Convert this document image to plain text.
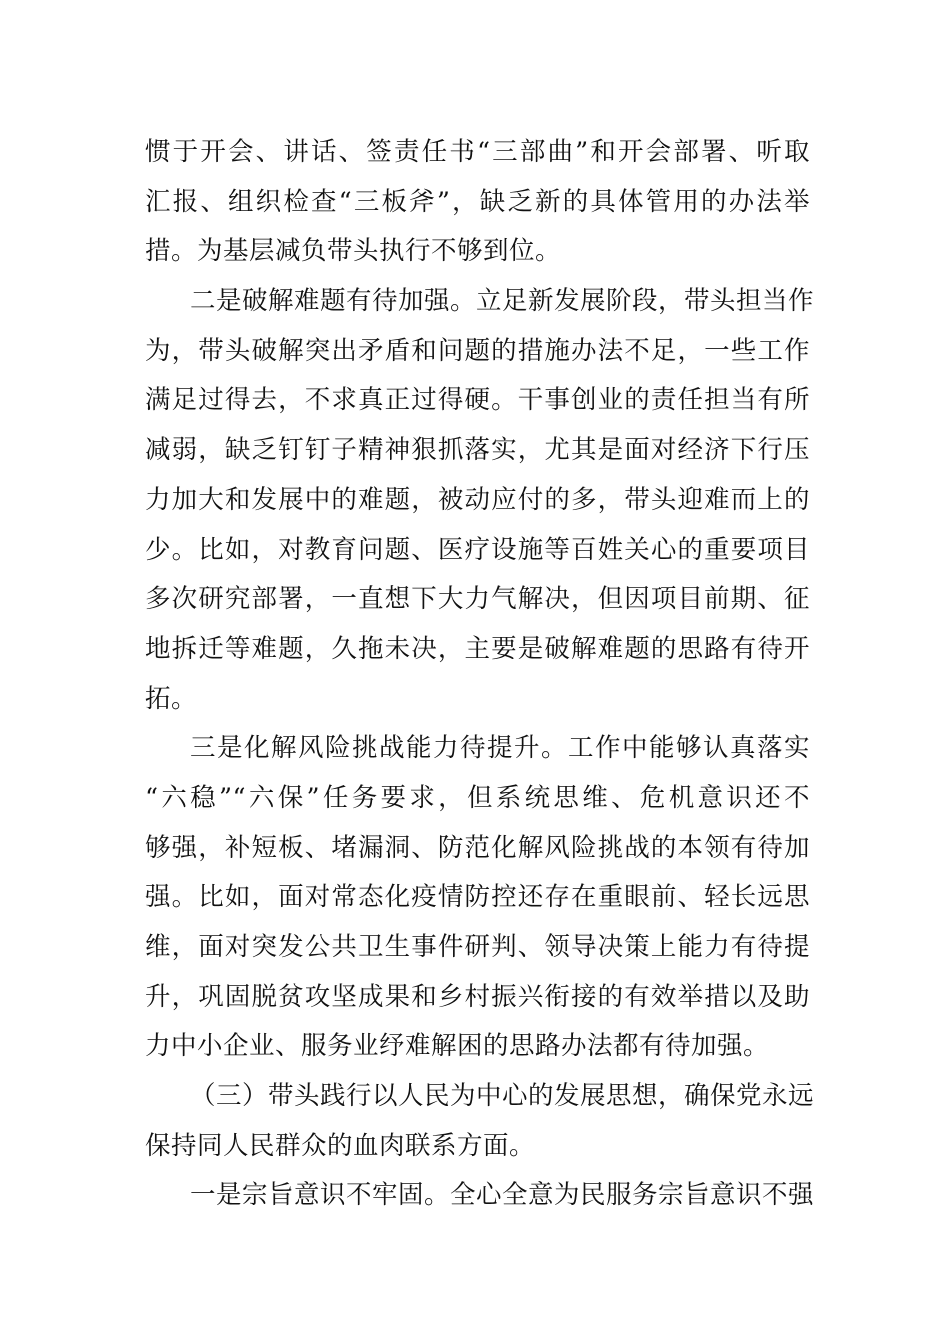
惯于开会、讲话、签责任书“三部曲”和开会部署、听取
汇报、组织检查“三板斧”，缺乏新的具体管用的办法举
措。为基层减负带头执行不够到位。
二是破解难题有待加强。立足新发展阶段，带头担当作
为，带头破解突出矛盾和问题的措施办法不足，一些工作
满足过得去，不求真正过得硬。干事创业的责任担当有所
减弱，缺乏钉钉子精神狠抓落实，尤其是面对经济下行压
力加大和发展中的难题，被动应付的多，带头迎难而上的
少。比如，对教育问题、医疗设施等百姓关心的重要项目
多次研究部署，一直想下大力气解决，但因项目前期、征
地拆迁等难题，久拖未决，主要是破解难题的思路有待开
拓。
三是化解风险挑战能力待提升。工作中能够认真落实
“六稳”“六保”任务要求，但系统思维、危机意识还不
够强，补短板、堵漏洞、防范化解风险挑战的本领有待加
强。比如，面对常态化疫情防控还存在重眼前、轻长远思
维，面对突发公共卫生事件研判、领导决策上能力有待提
升，巩固脱贫攻坚成果和乡村振兴衔接的有效举措以及助
力中小企业、服务业纾难解困的思路办法都有待加强。
（三）带头践行以人民为中心的发展思想，确保党永远
保持同人民群众的血肉联系方面。
一是宗旨意识不牢固。全心全意为民服务宗旨意识不强
